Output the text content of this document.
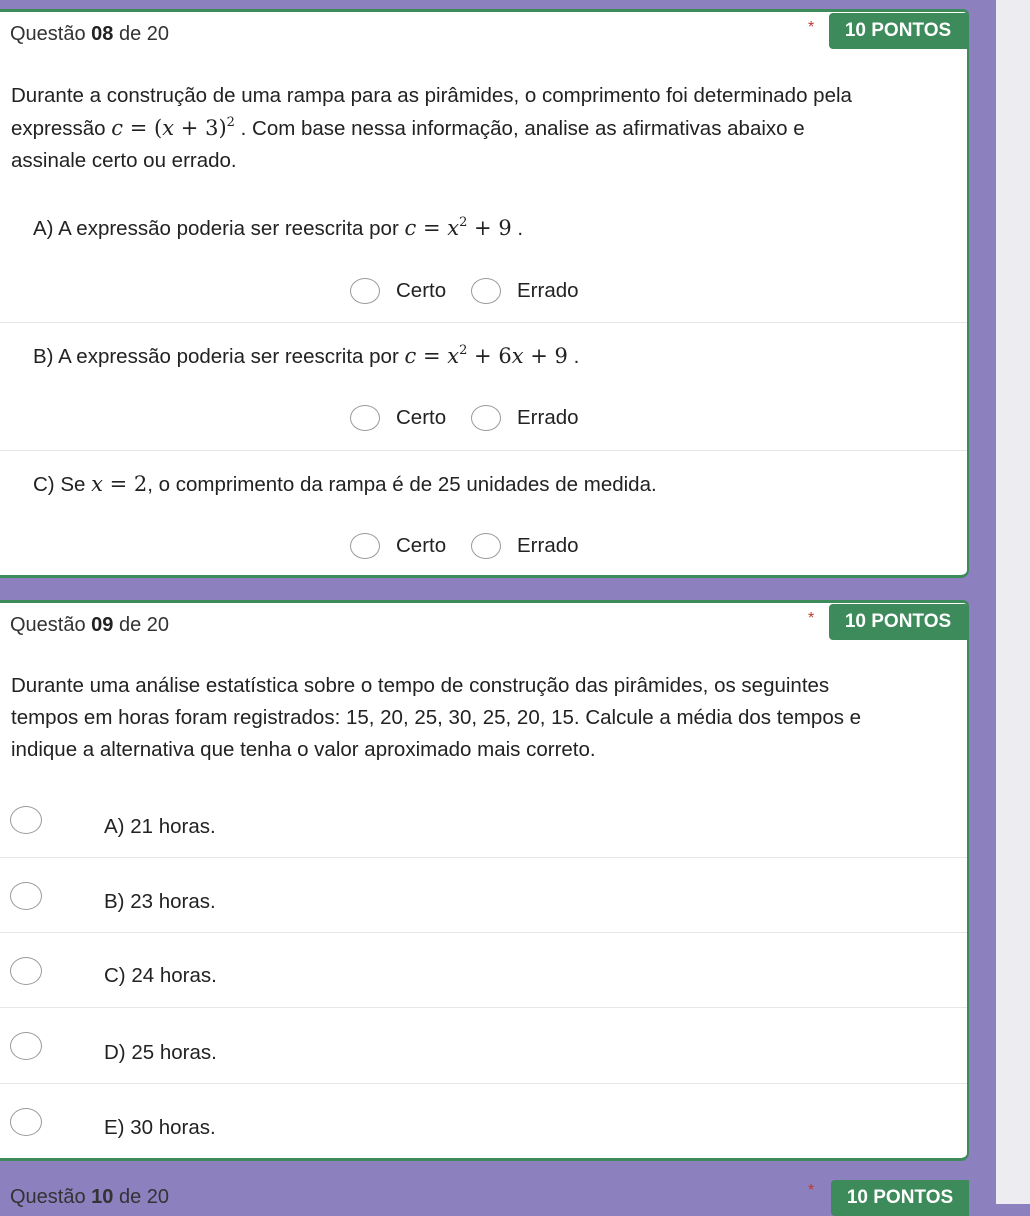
Questão 08 de 20	*	10 PONTOS
Durante a construção de uma rampa para as pirâmides, o comprimento foi determinado pela
expressão $c = (x + 3)^2$ . Com base nessa informação, analise as afirmativas abaixo e
assinale certo ou errado.
A) A expressão poderia ser reescrita por $c = x^2 + 9$ .
Certo	Errado
B) A expressão poderia ser reescrita por $c = x^2 + 6x + 9$ .
Certo	Errado
C) Se x = 2, o comprimento da rampa é de 25 unidades de medida.
Certo	Errado
Questão 09 de 20	*	10 PONTOS
Durante uma análise estatística sobre o tempo de construção das pirâmides, os seguintes
tempos em horas foram registrados: 15, 20, 25, 30, 25, 20, 15. Calcule a média dos tempos e
indique a alternativa que tenha o valor aproximado mais correto.
A) 21 horas.
B) 23 horas.
C) 24 horas.
D) 25 horas.
E) 30 horas.
Questão 10 de 20	*	10 PONTOS
